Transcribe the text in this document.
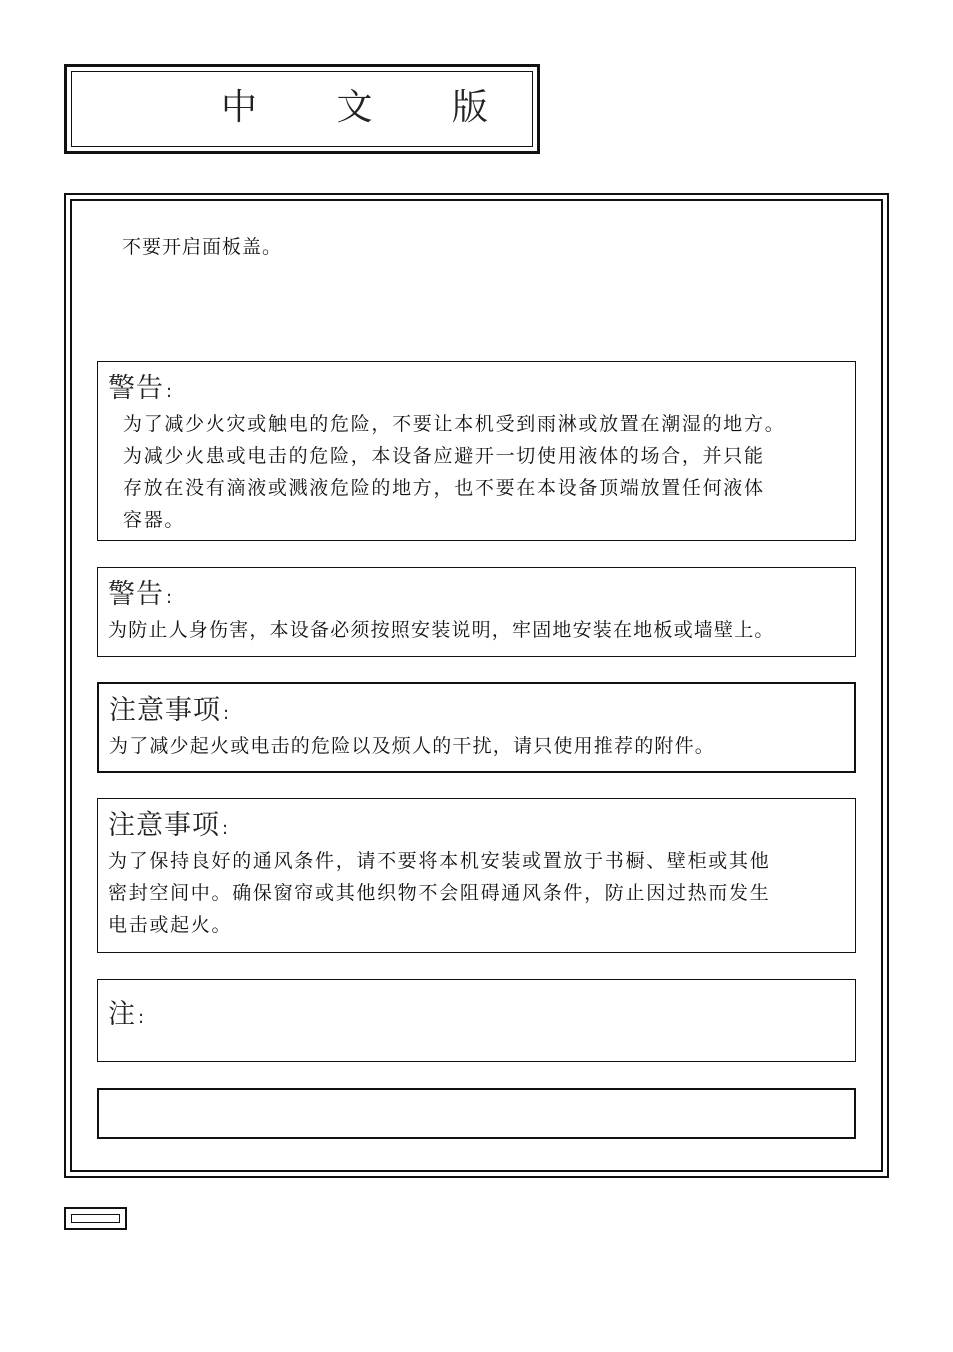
中 文 版
不要开启面板盖。
警告 :
为了减少火灾或触电的危险，不要让本机受到雨淋或放置在潮湿的地方。
为减少火患或电击的危险，本设备应避开一切使用液体的场合，并只能
存放在没有滴液或溅液危险的地方，也不要在本设备顶端放置任何液体
容器。
警告 :
为防止人身伤害，本设备必须按照安装说明，牢固地安装在地板或墙壁上。
注意事项 :
为了减少起火或电击的危险以及烦人的干扰，请只使用推荐的附件。
注意事项 :
为了保持良好的通风条件，请不要将本机安装或置放于书橱、壁柜或其他
密封空间中。确保窗帘或其他织物不会阻碍通风条件，防止因过热而发生
电击或起火。
注 :
